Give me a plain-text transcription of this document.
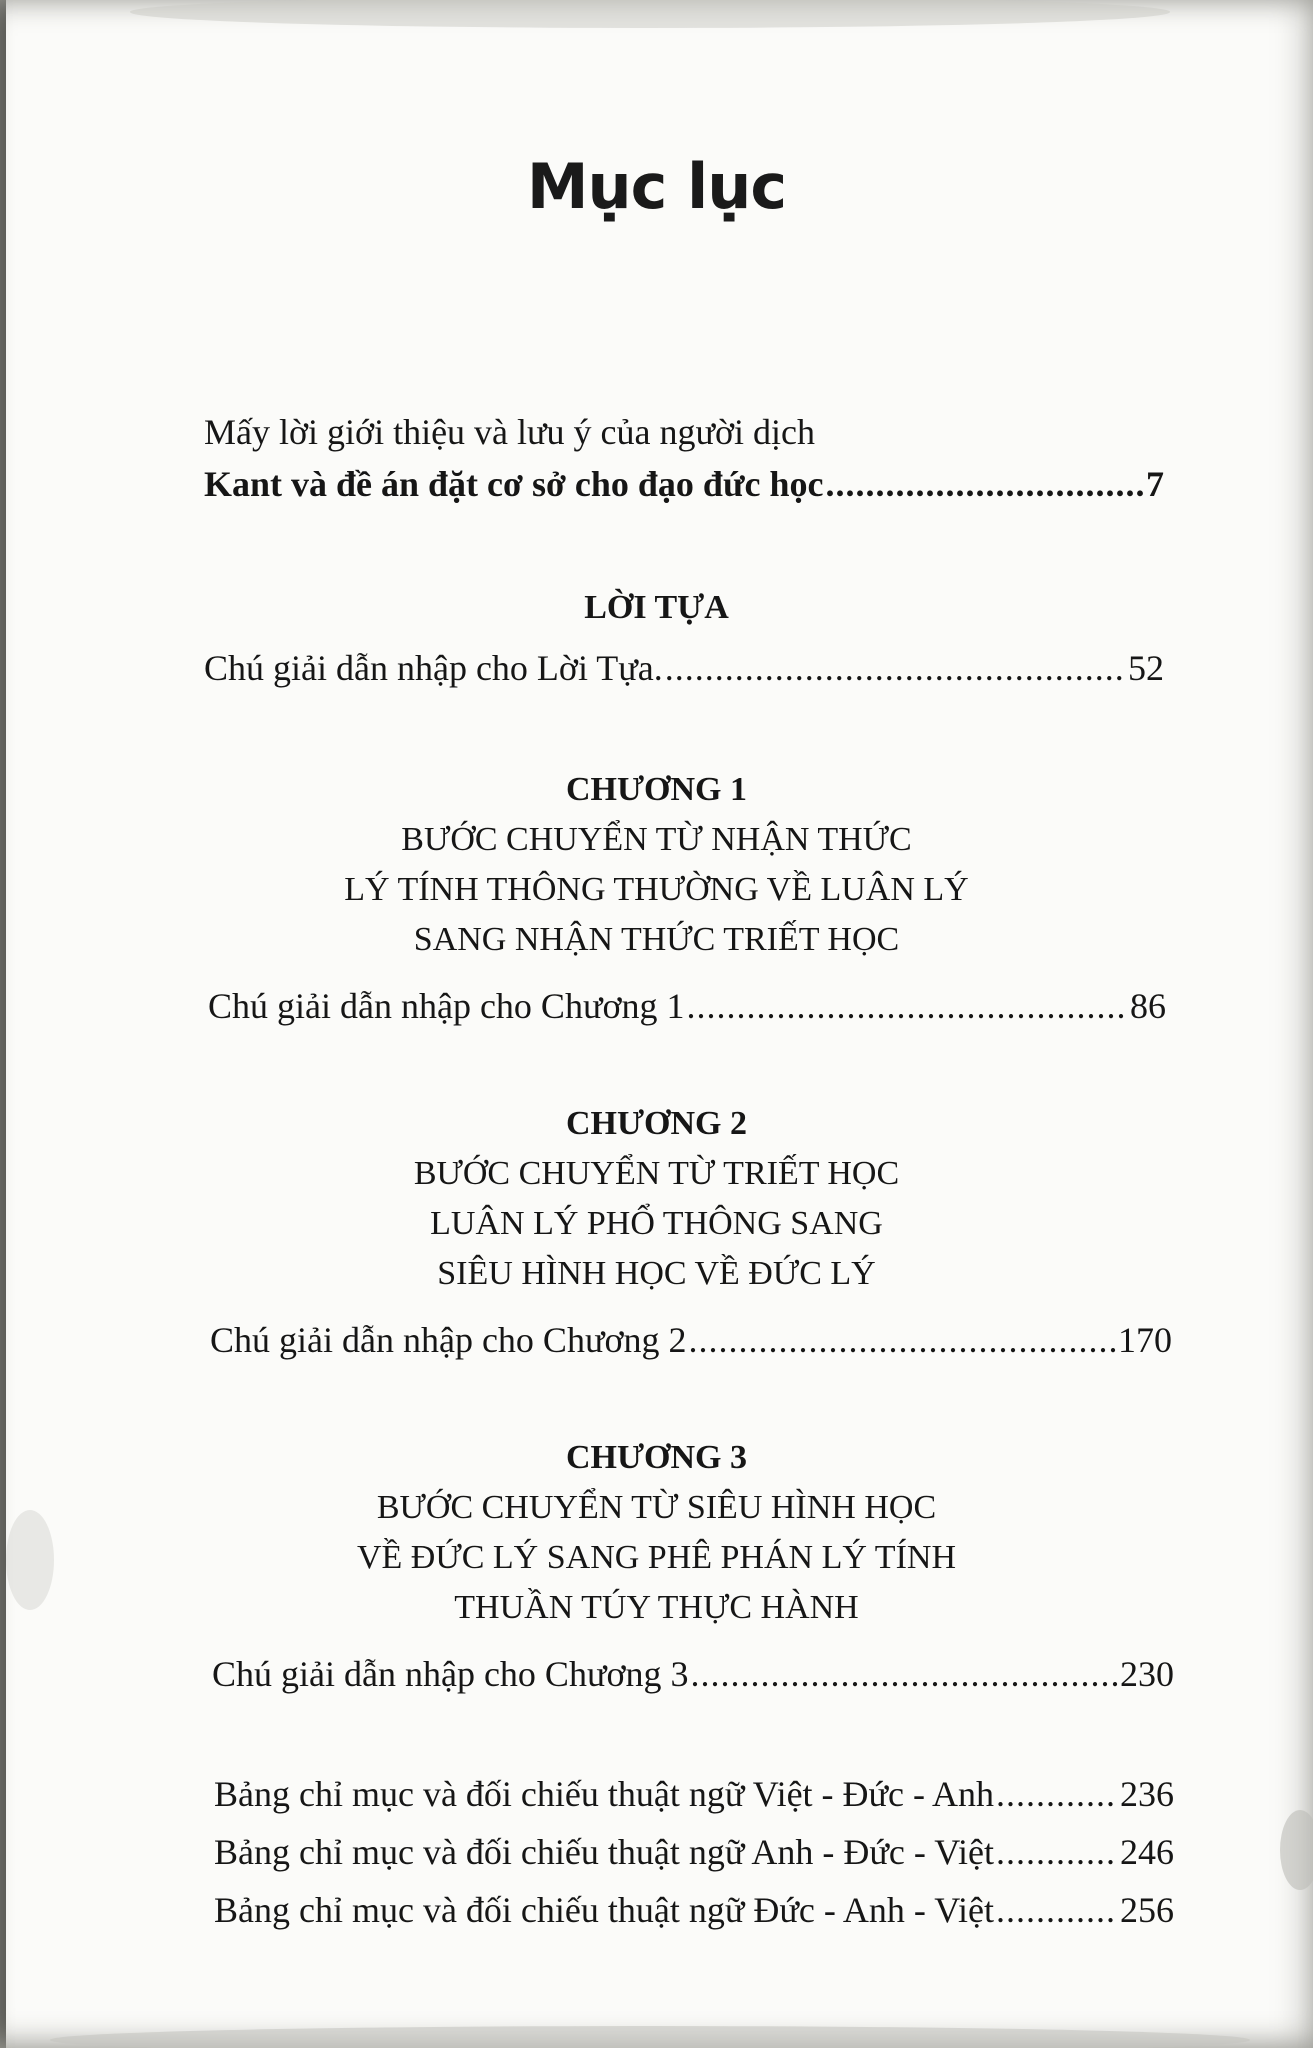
Mục lục
Mấy lời giới thiệu và lưu ý của người dịch
Kant và đề án đặt cơ sở cho đạo đức học .....	7
LỜI TỰA
Chú giải dẫn nhập cho Lời Tựa. .....	52
CHƯƠNG 1
BƯỚC CHUYỂN TỪ NHẬN THỨC
LÝ TÍNH THÔNG THƯỜNG VỀ LUÂN LÝ
SANG NHẬN THỨC TRIẾT HỌC
Chú giải dẫn nhập cho Chương 1 .....	86
CHƯƠNG 2
BƯỚC CHUYỂN TỪ TRIẾT HỌC
LUÂN LÝ PHỔ THÔNG SANG
SIÊU HÌNH HỌC VỀ ĐỨC LÝ
Chú giải dẫn nhập cho Chương 2 .....	170
CHƯƠNG 3
BƯỚC CHUYỂN TỪ SIÊU HÌNH HỌC
VỀ ĐỨC LÝ SANG PHÊ PHÁN LÝ TÍNH
THUẦN TÚY THỰC HÀNH
Chú giải dẫn nhập cho Chương 3 .....	230
Bảng chỉ mục và đối chiếu thuật ngữ Việt - Đức - Anh .....	236
Bảng chỉ mục và đối chiếu thuật ngữ Anh - Đức - Việt .....	246
Bảng chỉ mục và đối chiếu thuật ngữ Đức - Anh - Việt .....	256
